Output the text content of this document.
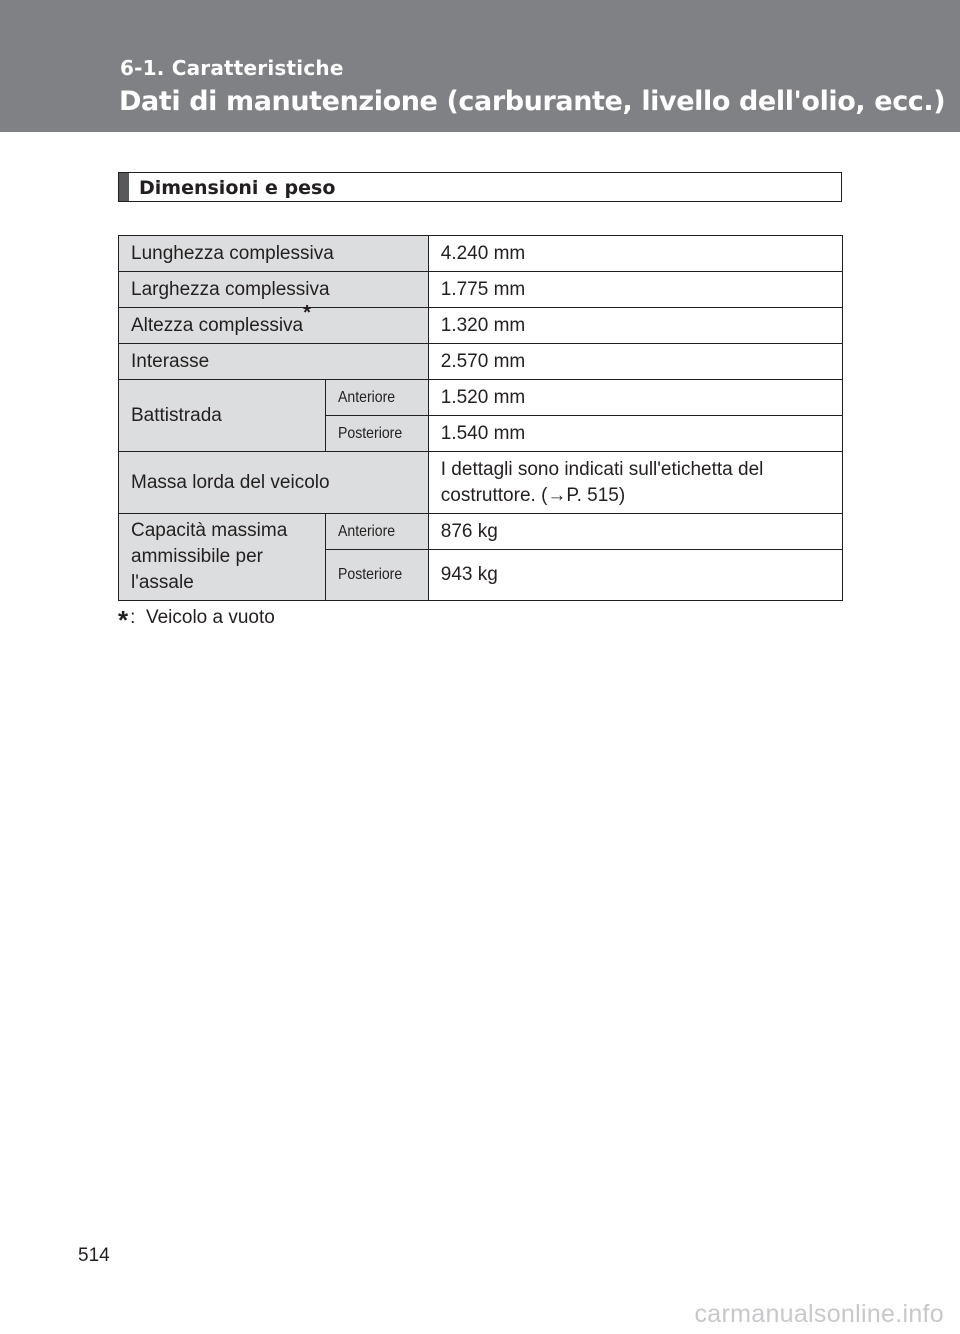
6-1. Caratteristiche
Dati di manutenzione (carburante, livello dell'olio, ecc.)
Dimensioni e peso
Lunghezza complessiva		4.240 mm
Larghezza complessiva		1.775 mm
Altezza complessiva*		1.320 mm
Interasse		2.570 mm
Battistrada	Anteriore	1.520 mm
	Posteriore	1.540 mm
Massa lorda del veicolo		I dettagli sono indicati sull'etichetta del
costruttore. (→P. 515)

Capacità massima
ammissibile per
l'assale	Anteriore	876 kg
	Posteriore	943 kg
* :  Veicolo a vuoto
514
carmanualsonline.info
